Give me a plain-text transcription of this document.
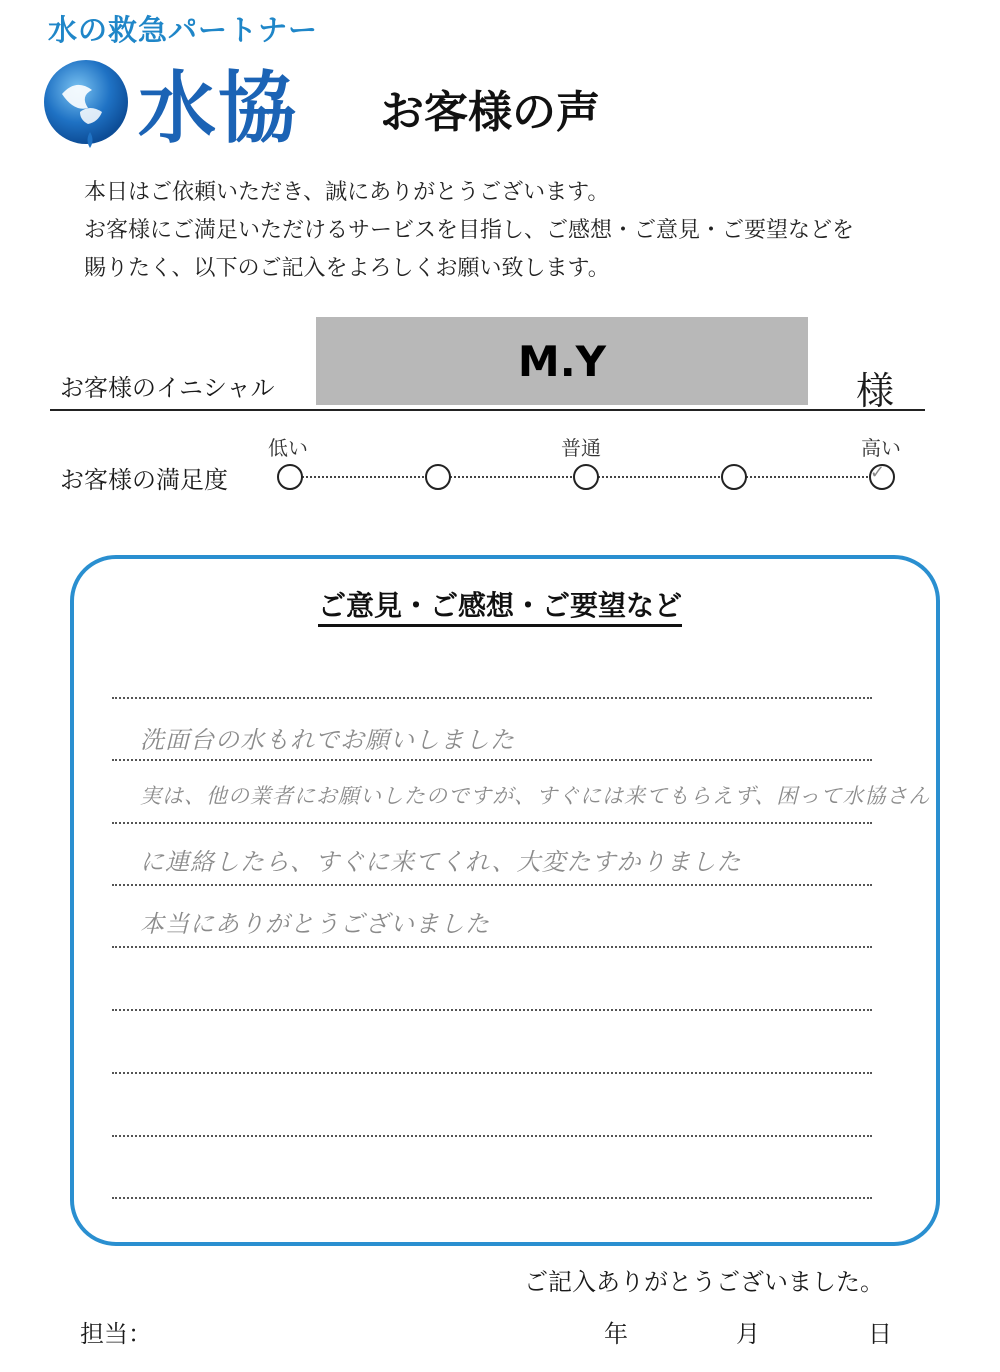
水の救急パートナー
水協 お客様の声
本日はご依頼いただき、誠にありがとうございます。
お客様にご満足いただけるサービスを目指し、ご感想・ご意見・ご要望などを
賜りたく、以下のご記入をよろしくお願い致します。
お客様のイニシャル
M.Y
様
お客様の満足度
低い	普通	高い
✓
ご意見・ご感想・ご要望など
洗面台の水もれでお願いしました
実は、他の業者にお願いしたのですが、すぐには来てもらえず、困って水協さん
に連絡したら、すぐに来てくれ、大変たすかりました
本当にありがとうございました
ご記入ありがとうございました。
担当：	年	月	日
